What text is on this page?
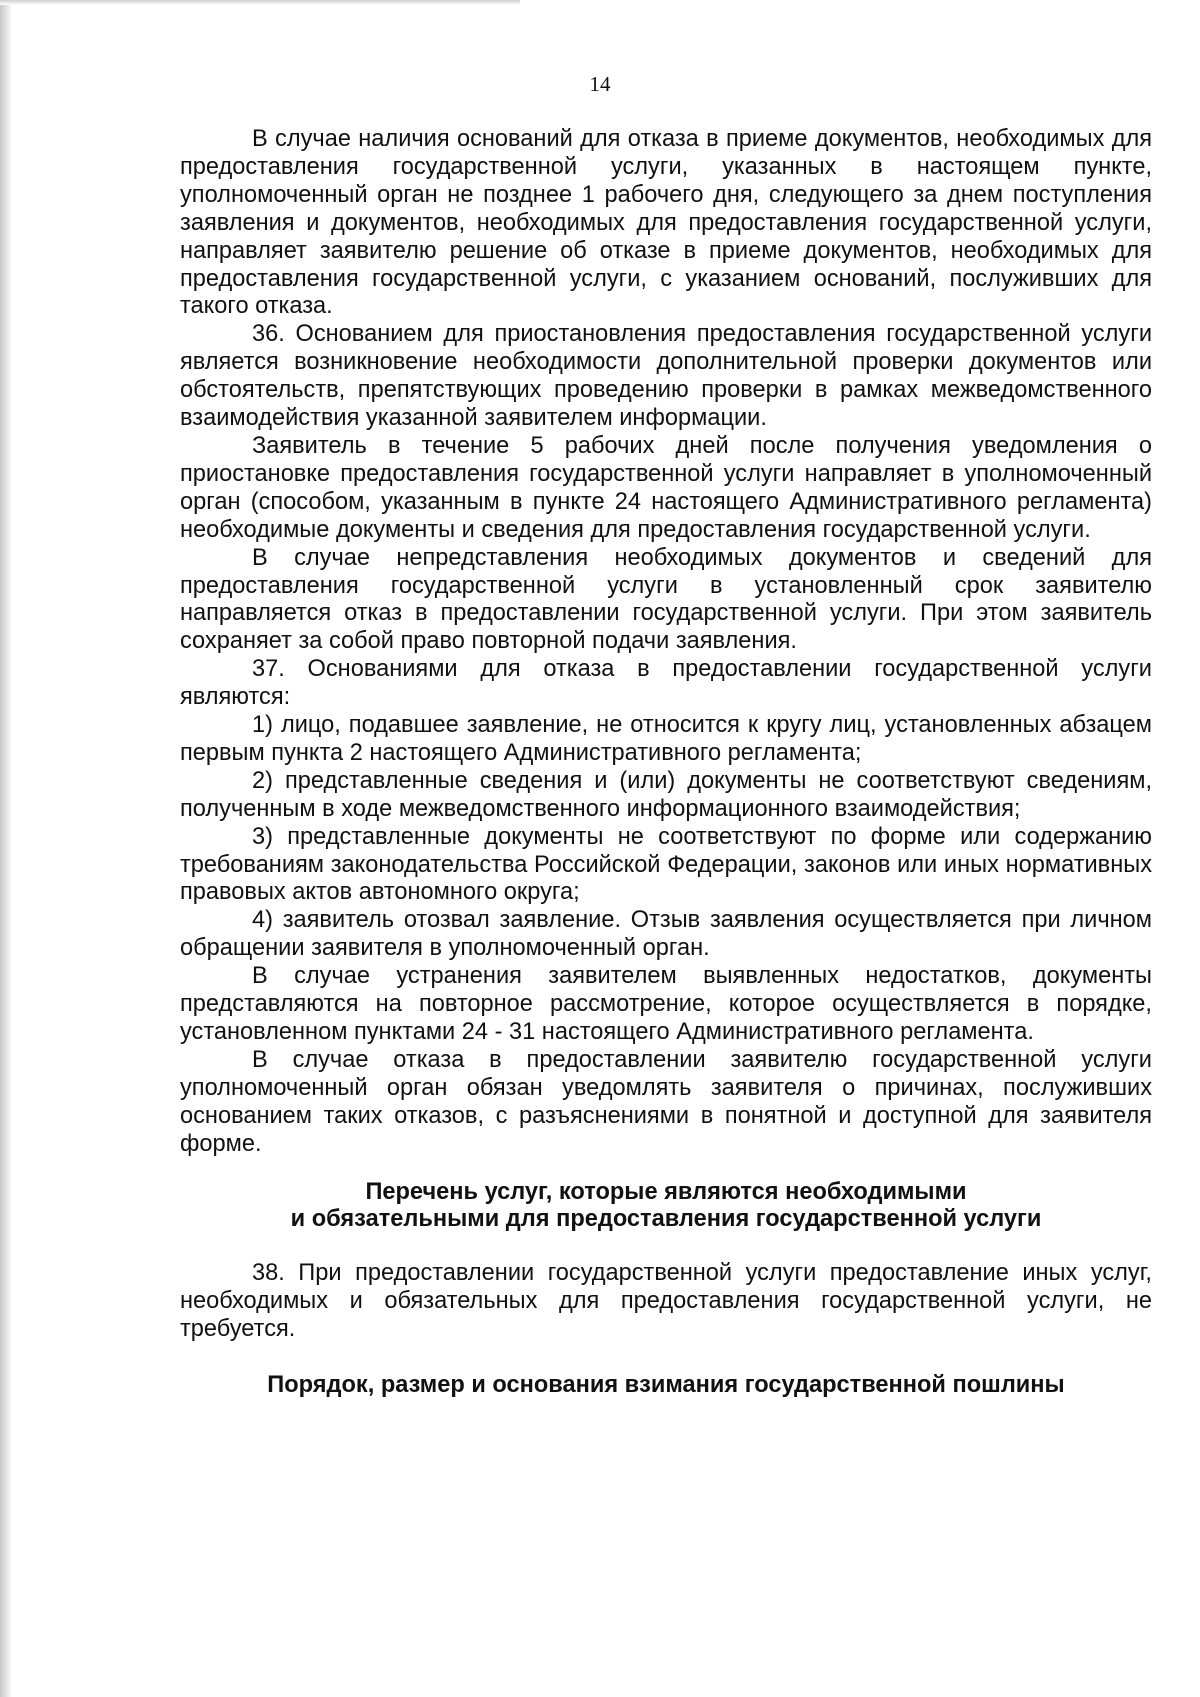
14

В случае наличия оснований для отказа в приеме документов, необходимых для предоставления государственной услуги, указанных в настоящем пункте, уполномоченный орган не позднее 1 рабочего дня, следующего за днем поступления заявления и документов, необходимых для предоставления государственной услуги, направляет заявителю решение об отказе в приеме документов, необходимых для предоставления государственной услуги, с указанием оснований, послуживших для такого отказа.

36. Основанием для приостановления предоставления государственной услуги является возникновение необходимости дополнительной проверки документов или обстоятельств, препятствующих проведению проверки в рамках межведомственного взаимодействия указанной заявителем информации.

Заявитель в течение 5 рабочих дней после получения уведомления о приостановке предоставления государственной услуги направляет в уполномоченный орган (способом, указанным в пункте 24 настоящего Административного регламента) необходимые документы и сведения для предоставления государственной услуги.

В случае непредставления необходимых документов и сведений для предоставления государственной услуги в установленный срок заявителю направляется отказ в предоставлении государственной услуги. При этом заявитель сохраняет за собой право повторной подачи заявления.

37. Основаниями для отказа в предоставлении государственной услуги являются:

1) лицо, подавшее заявление, не относится к кругу лиц, установленных абзацем первым пункта 2 настоящего Административного регламента;

2) представленные сведения и (или) документы не соответствуют сведениям, полученным в ходе межведомственного информационного взаимодействия;

3) представленные документы не соответствуют по форме или содержанию требованиям законодательства Российской Федерации, законов или иных нормативных правовых актов автономного округа;

4) заявитель отозвал заявление. Отзыв заявления осуществляется при личном обращении заявителя в уполномоченный орган.

В случае устранения заявителем выявленных недостатков, документы представляются на повторное рассмотрение, которое осуществляется в порядке, установленном пунктами 24 - 31 настоящего Административного регламента.

В случае отказа в предоставлении заявителю государственной услуги уполномоченный орган обязан уведомлять заявителя о причинах, послуживших основанием таких отказов, с разъяснениями в понятной и доступной для заявителя форме.

Перечень услуг, которые являются необходимыми

и обязательными для предоставления государственной услуги

38. При предоставлении государственной услуги предоставление иных услуг, необходимых и обязательных для предоставления государственной услуги, не требуется.

Порядок, размер и основания взимания государственной пошлины
